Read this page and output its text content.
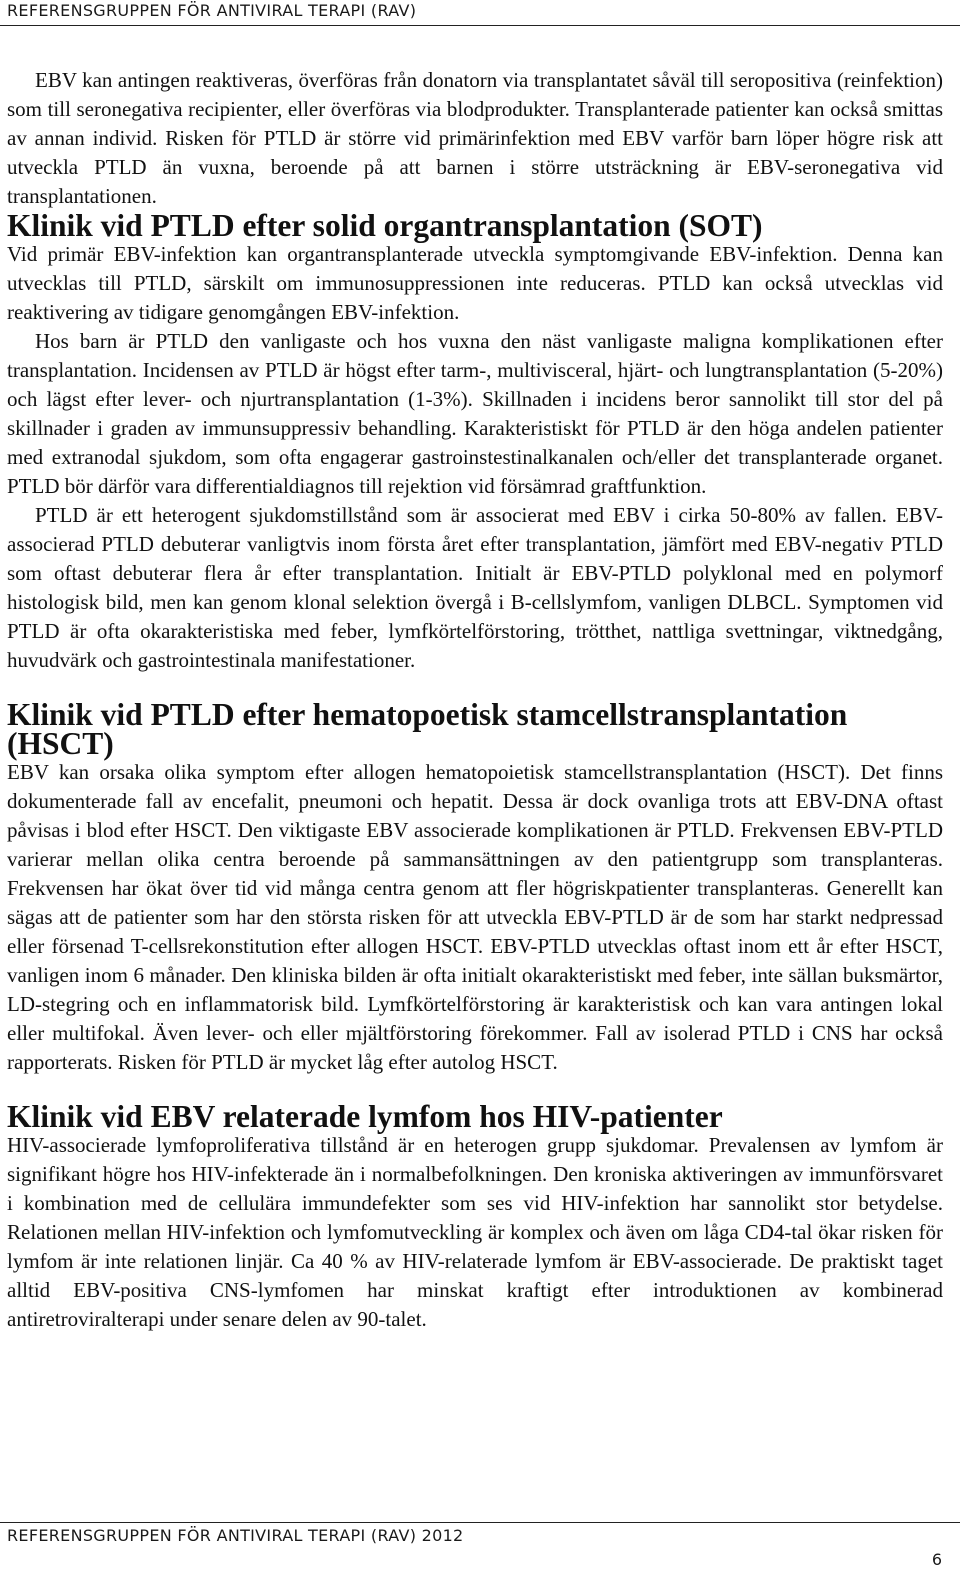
REFERENSGRUPPEN FÖR ANTIVIRAL TERAPI (RAV)

EBV kan antingen reaktiveras, överföras från donatorn via transplantatet såväl till seropositiva (reinfektion) som till seronegativa recipienter, eller överföras via blodprodukter. Transplanterade patienter kan också smittas av annan individ. Risken för PTLD är större vid primärinfektion med EBV varför barn löper högre risk att utveckla PTLD än vuxna, beroende på att barnen i större utsträckning är EBV-seronegativa vid transplantationen.

Klinik vid PTLD efter solid organtransplantation (SOT)

Vid primär EBV-infektion kan organtransplanterade utveckla symptomgivande EBV-infektion. Denna kan utvecklas till PTLD, särskilt om immunosuppressionen inte reduceras. PTLD kan också utvecklas vid reaktivering av tidigare genomgången EBV-infektion.

Hos barn är PTLD den vanligaste och hos vuxna den näst vanligaste maligna komplikationen efter transplantation. Incidensen av PTLD är högst efter tarm-, multivisceral, hjärt- och lungtransplantation (5-20%) och lägst efter lever- och njurtransplantation (1-3%). Skillnaden i incidens beror sannolikt till stor del på skillnader i graden av immunsuppressiv behandling. Karakteristiskt för PTLD är den höga andelen patienter med extranodal sjukdom, som ofta engagerar gastroinstestinalkanalen och/eller det transplanterade organet. PTLD bör därför vara differentialdiagnos till rejektion vid försämrad graftfunktion.

PTLD är ett heterogent sjukdomstillstånd som är associerat med EBV i cirka 50-80% av fallen. EBV-associerad PTLD debuterar vanligtvis inom första året efter transplantation, jämfört med EBV-negativ PTLD som oftast debuterar flera år efter transplantation. Initialt är EBV-PTLD polyklonal med en polymorf histologisk bild, men kan genom klonal selektion övergå i B-cellslymfom, vanligen DLBCL. Symptomen vid PTLD är ofta okarakteristiska med feber, lymfkörtelförstoring, trötthet, nattliga svettningar, viktnedgång, huvudvärk och gastrointestinala manifestationer.

Klinik vid PTLD efter hematopoetisk stamcellstransplantation (HSCT)

EBV kan orsaka olika symptom efter allogen hematopoietisk stamcellstransplantation (HSCT). Det finns dokumenterade fall av encefalit, pneumoni och hepatit. Dessa är dock ovanliga trots att EBV-DNA oftast påvisas i blod efter HSCT. Den viktigaste EBV associerade komplikationen är PTLD. Frekvensen EBV-PTLD varierar mellan olika centra beroende på sammansättningen av den patientgrupp som transplanteras. Frekvensen har ökat över tid vid många centra genom att fler högriskpatienter transplanteras. Generellt kan sägas att de patienter som har den största risken för att utveckla EBV-PTLD är de som har starkt nedpressad eller försenad T-cellsrekonstitution efter allogen HSCT. EBV-PTLD utvecklas oftast inom ett år efter HSCT, vanligen inom 6 månader. Den kliniska bilden är ofta initialt okarakteristiskt med feber, inte sällan buksmärtor, LD-stegring och en inflammatorisk bild. Lymfkörtelförstoring är karakteristisk och kan vara antingen lokal eller multifokal. Även lever- och eller mjältförstoring förekommer. Fall av isolerad PTLD i CNS har också rapporterats. Risken för PTLD är mycket låg efter autolog HSCT.

Klinik vid EBV relaterade lymfom hos HIV-patienter

HIV-associerade lymfoproliferativa tillstånd är en heterogen grupp sjukdomar. Prevalensen av lymfom är signifikant högre hos HIV-infekterade än i normalbefolkningen. Den kroniska aktiveringen av immunförsvaret i kombination med de cellulära immundefekter som ses vid HIV-infektion har sannolikt stor betydelse. Relationen mellan HIV-infektion och lymfomutveckling är komplex och även om låga CD4-tal ökar risken för lymfom är inte relationen linjär. Ca 40 % av HIV-relaterade lymfom är EBV-associerade. De praktiskt taget alltid EBV-positiva CNS-lymfomen har minskat kraftigt efter introduktionen av kombinerad antiretroviralterapi under senare delen av 90-talet.

REFERENSGRUPPEN FÖR ANTIVIRAL TERAPI (RAV) 2012
6
